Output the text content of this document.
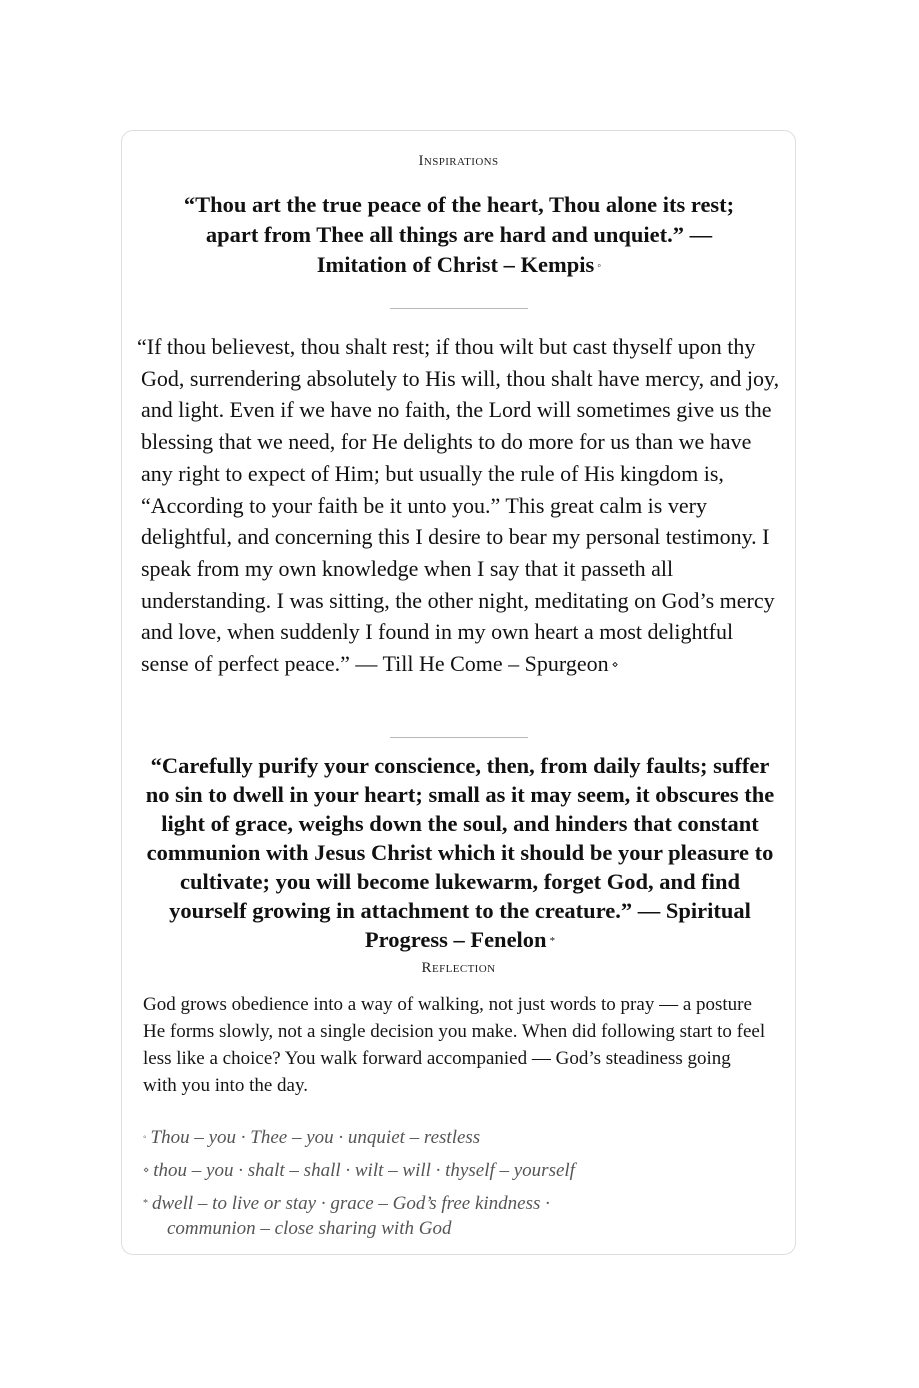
Inspirations
“Thou art the true peace of the heart, Thou alone its rest; apart from Thee all things are hard and unquiet.” — Imitation of Christ – Kempis ◦
“If thou believest, thou shalt rest; if thou wilt but cast thyself upon thy God, surrendering absolutely to His will, thou shalt have mercy, and joy, and light. Even if we have no faith, the Lord will sometimes give us the blessing that we need, for He delights to do more for us than we have any right to expect of Him; but usually the rule of His kingdom is, “According to your faith be it unto you.” This great calm is very delightful, and concerning this I desire to bear my personal testimony. I speak from my own knowledge when I say that it passeth all understanding. I was sitting, the other night, meditating on God’s mercy and love, when suddenly I found in my own heart a most delightful sense of perfect peace.” — Till He Come – Spurgeon ⋄
“Carefully purify your conscience, then, from daily faults; suffer no sin to dwell in your heart; small as it may seem, it obscures the light of grace, weighs down the soul, and hinders that constant communion with Jesus Christ which it should be your pleasure to cultivate; you will become lukewarm, forget God, and find yourself growing in attachment to the creature.” — Spiritual Progress – Fenelon *
Reflection
God grows obedience into a way of walking, not just words to pray — a posture He forms slowly, not a single decision you make. When did following start to feel less like a choice? You walk forward accompanied — God’s steadiness going with you into the day.
◦ Thou – you · Thee – you · unquiet – restless
⋄ thou – you · shalt – shall · wilt – will · thyself – yourself
* dwell – to live or stay · grace – God’s free kindness ·
communion – close sharing with God
